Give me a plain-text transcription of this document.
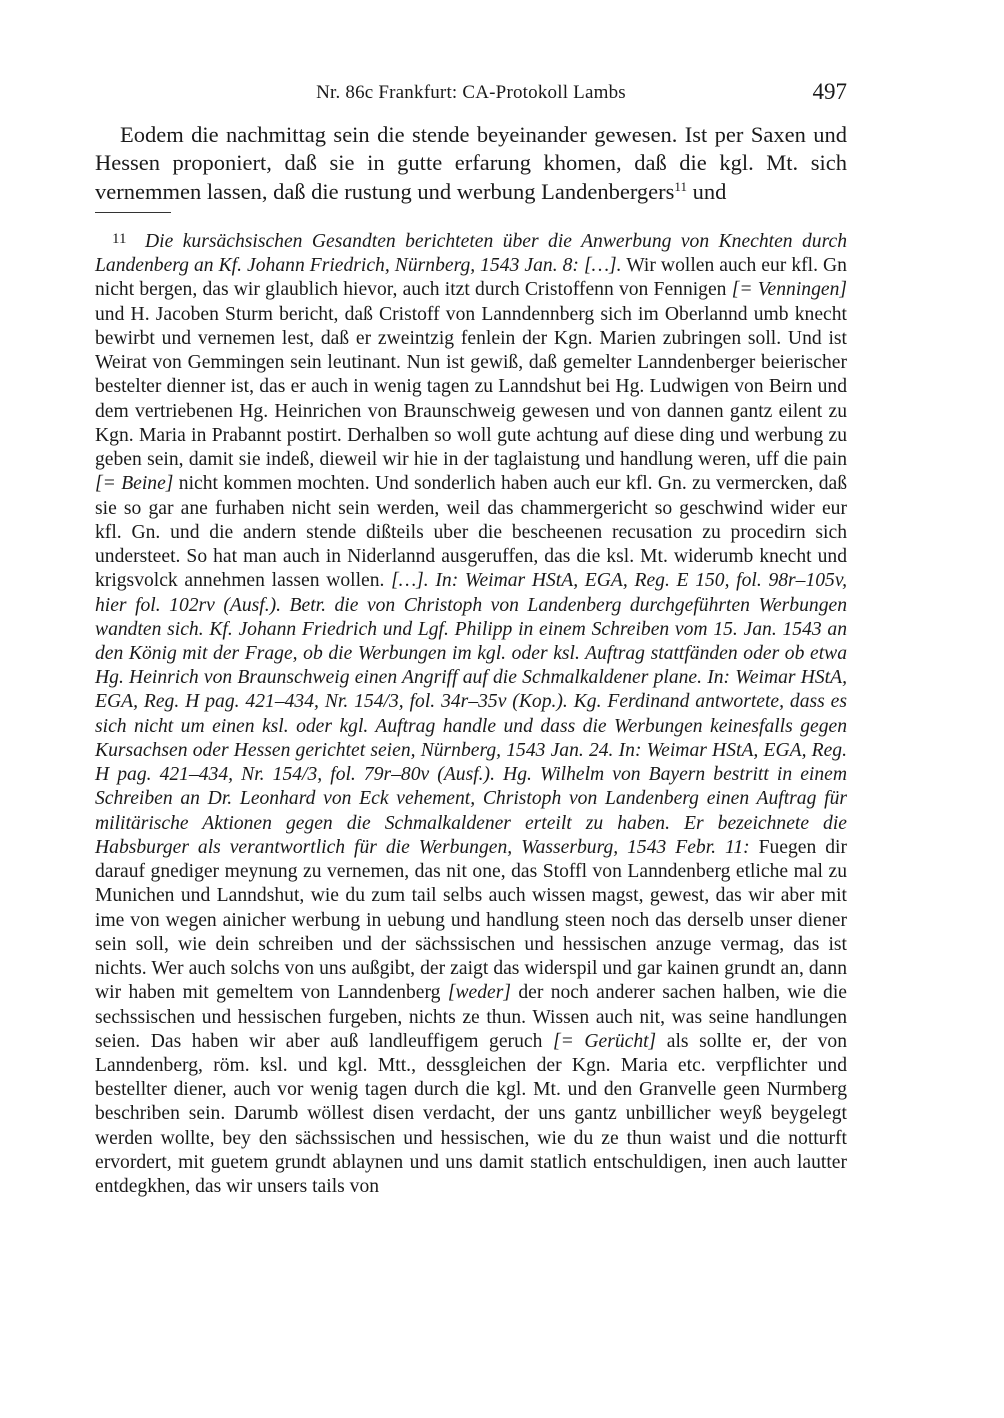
Nr. 86c Frankfurt: CA-Protokoll Lambs	497

Eodem die nachmittag sein die stende beyeinander gewesen. Ist per Saxen und Hessen proponiert, daß sie in gutte erfarung khomen, daß die kgl. Mt. sich vernemmen lassen, daß die rustung und werbung Landenbergers$^{11}$ und

11 Die kursächsischen Gesandten berichteten über die Anwerbung von Knechten durch Landenberg an Kf. Johann Friedrich, Nürnberg, 1543 Jan. 8: […]. Wir wollen auch eur kfl. Gn nicht bergen, das wir glaublich hievor, auch itzt durch Cristoffenn von Fennigen [= Venningen] und H. Jacoben Sturm bericht, daß Cristoff von Lanndennberg sich im Oberlannd umb knecht bewirbt und vernemen lest, daß er zweintzig fenlein der Kgn. Marien zubringen soll. Und ist Weirat von Gemmingen sein leutinant. Nun ist gewiß, daß gemelter Lanndenberger beierischer bestelter dienner ist, das er auch in wenig tagen zu Lanndshut bei Hg. Ludwigen von Beirn und dem vertriebenen Hg. Heinrichen von Braunschweig gewesen und von dannen gantz eilent zu Kgn. Maria in Prabannt postirt. Derhalben so woll gute achtung auf diese ding und werbung zu geben sein, damit sie indeß, dieweil wir hie in der taglaistung und handlung weren, uff die pain [= Beine] nicht kommen mochten. Und sonderlich haben auch eur kfl. Gn. zu vermercken, daß sie so gar ane furhaben nicht sein werden, weil das chammergericht so geschwind wider eur kfl. Gn. und die andern stende dißteils uber die bescheenen recusation zu procedirn sich understeet. So hat man auch in Niderlannd ausgeruffen, das die ksl. Mt. widerumb knecht und krigsvolck annehmen lassen wollen. […]. In: Weimar HStA, EGA, Reg. E 150, fol. 98r–105v, hier fol. 102rv (Ausf.). Betr. die von Christoph von Landenberg durchgeführten Werbungen wandten sich. Kf. Johann Friedrich und Lgf. Philipp in einem Schreiben vom 15. Jan. 1543 an den König mit der Frage, ob die Werbungen im kgl. oder ksl. Auftrag stattfänden oder ob etwa Hg. Heinrich von Braunschweig einen Angriff auf die Schmalkaldener plane. In: Weimar HStA, EGA, Reg. H pag. 421–434, Nr. 154/3, fol. 34r–35v (Kop.). Kg. Ferdinand antwortete, dass es sich nicht um einen ksl. oder kgl. Auftrag handle und dass die Werbungen keinesfalls gegen Kursachsen oder Hessen gerichtet seien, Nürnberg, 1543 Jan. 24. In: Weimar HStA, EGA, Reg. H pag. 421–434, Nr. 154/3, fol. 79r–80v (Ausf.). Hg. Wilhelm von Bayern bestritt in einem Schreiben an Dr. Leonhard von Eck vehement, Christoph von Landenberg einen Auftrag für militärische Aktionen gegen die Schmalkaldener erteilt zu haben. Er bezeichnete die Habsburger als verantwortlich für die Werbungen, Wasserburg, 1543 Febr. 11: Fuegen dir darauf gnediger meynung zu vernemen, das nit one, das Stoffl von Lanndenberg etliche mal zu Munichen und Lanndshut, wie du zum tail selbs auch wissen magst, gewest, das wir aber mit ime von wegen ainicher werbung in uebung und handlung steen noch das derselb unser diener sein soll, wie dein schreiben und der sächssischen und hessischen anzuge vermag, das ist nichts. Wer auch solchs von uns außgibt, der zaigt das widerspil und gar kainen grundt an, dann wir haben mit gemeltem von Lanndenberg [weder] der noch anderer sachen halben, wie die sechssischen und hessischen furgeben, nichts ze thun. Wissen auch nit, was seine handlungen seien. Das haben wir aber auß landleuffigem geruch [= Gerücht] als sollte er, der von Lanndenberg, röm. ksl. und kgl. Mtt., dessgleichen der Kgn. Maria etc. verpflichter und bestellter diener, auch vor wenig tagen durch die kgl. Mt. und den Granvelle geen Nurmberg beschriben sein. Darumb wöllest disen verdacht, der uns gantz unbillicher weyß beygelegt werden wollte, bey den sächssischen und hessischen, wie du ze thun waist und die notturft ervordert, mit guetem grundt ablaynen und uns damit statlich entschuldigen, inen auch lautter entdegkhen, das wir unsers tails von
